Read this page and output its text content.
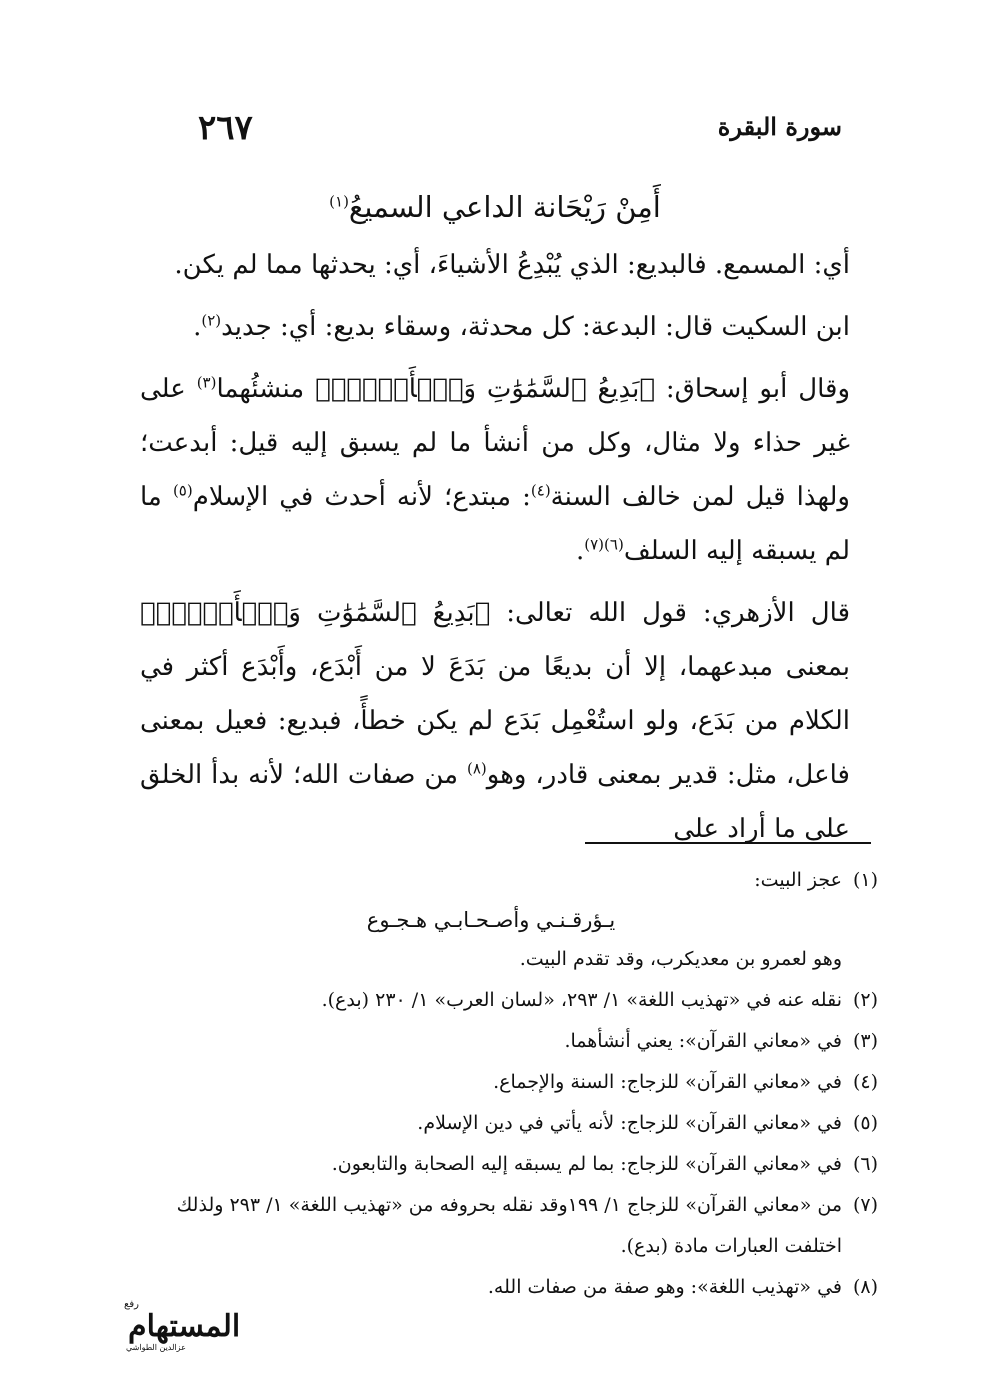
سورة البقرة
٢٦٧
أَمِنْ رَيْحَانة الداعي السميعُ$^{(١)}$

أي: المسمع. فالبديع: الذي يُبْدِعُ الأشياءَ، أي: يحدثها مما لم يكن.

ابن السكيت قال: البدعة: كل محدثة، وسقاء بديع: أي: جديد$^{(٢)}$.

وقال أبو إسحاق: ﴿بَدِيعُ ٱلسَّمَٰوَٰتِ وَٱلۡأَرۡضِۖ﴾ منشئُهما$^{(٣)}$ على غير حذاء ولا مثال، وكل من أنشأ ما لم يسبق إليه قيل: أبدعت؛ ولهذا قيل لمن خالف السنة$^{(٤)}$: مبتدع؛ لأنه أحدث في الإسلام$^{(٥)}$ ما لم يسبقه إليه السلف$^{(٦)(٧)}$.

قال الأزهري: قول الله تعالى: ﴿بَدِيعُ ٱلسَّمَٰوَٰتِ وَٱلۡأَرۡضِۖ﴾ بمعنى مبدعهما، إلا أن بديعًا من بَدَعَ لا من أَبْدَع، وأَبْدَع أكثر في الكلام من بَدَع، ولو استُعْمِل بَدَع لم يكن خطأً، فبديع: فعيل بمعنى فاعل، مثل: قدير بمعنى قادر، وهو$^{(٨)}$ من صفات الله؛ لأنه بدأ الخلق على ما أراد على

(١)
عجز البيت:
يـؤرقـنـي وأصـحـابـي هـجـوع
وهو لعمرو بن معديكرب، وقد تقدم البيت.
(٢)
نقله عنه في «تهذيب اللغة» ١/ ٢٩٣، «لسان العرب» ١/ ٢٣٠ (بدع).
(٣)
في «معاني القرآن»: يعني أنشأهما.
(٤)
في «معاني القرآن» للزجاج: السنة والإجماع.
(٥)
في «معاني القرآن» للزجاج: لأنه يأتي في دين الإسلام.
(٦)
في «معاني القرآن» للزجاج: بما لم يسبقه إليه الصحابة والتابعون.
(٧)
من «معاني القرآن» للزجاج ١/ ١٩٩وقد نقله بحروفه من «تهذيب اللغة» ١/ ٢٩٣ ولذلك اختلفت العبارات مادة (بدع).
(٨)
في «تهذيب اللغة»: وهو صفة من صفات الله.
المستهام
رفع
عزالدين الطواشي
